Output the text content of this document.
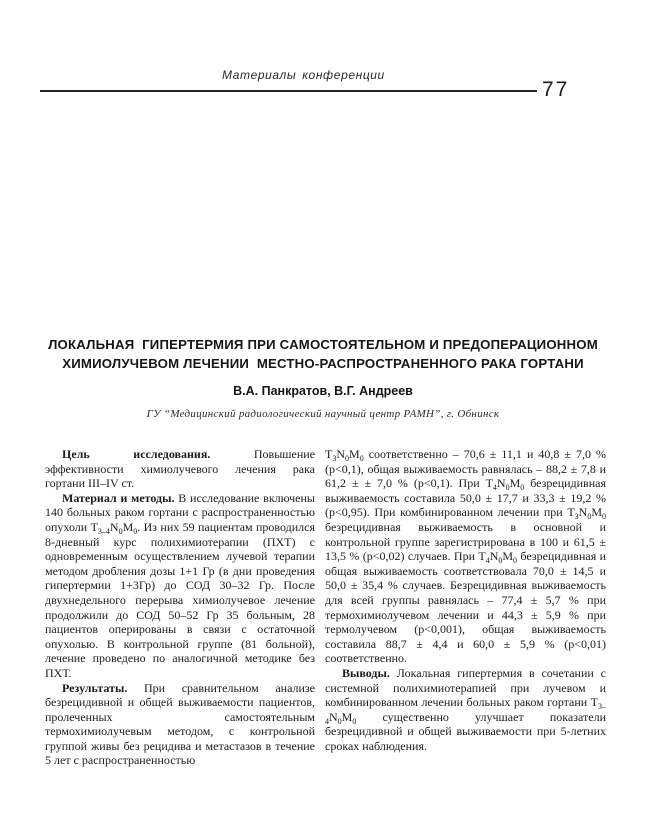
Материалы конференции
77
ЛОКАЛЬНАЯ  ГИПЕРТЕРМИЯ ПРИ САМОСТОЯТЕЛЬНОМ И ПРЕДОПЕРАЦИОННОМ
ХИМИОЛУЧЕВОМ ЛЕЧЕНИИ  МЕСТНО-РАСПРОСТРАНЕННОГО РАКА ГОРТАНИ
В.А. Панкратов, В.Г. Андреев
ГУ “Медицинский радиологический научный центр РАМН”, г. Обнинск

Цель исследования. Повышение эффективности химиолучевого лечения рака гортани III–IV ст.

Материал и методы. В исследование включены 140 больных раком гортани с распространенностью опухоли $Т_{3-4}N_0M_0$. Из них 59 пациентам проводился 8-дневный курс полихимиотерапии (ПХТ) с одновременным осуществлением лучевой терапии методом дробления дозы 1+1 Гр (в дни проведения гипертермии 1+3Гр) до СОД 30–32 Гр. После двухнедельного перерыва химиолучевое лечение продолжили до СОД 50–52 Гр 35 больным, 28 пациентов оперированы в связи с остаточной опухолью. В контрольной группе (81 больной), лечение проведено по аналогичной методике без ПХТ.

Результаты. При сравнительном анализе безрецидивной и общей выживаемости пациентов, пролеченных самостоятельным термохимиолучевым методом, с контрольной группой живы без рецидива и метастазов в течение 5 лет с распространенностью

$Т_3N_0M_0$ соответственно – 70,6 ± 11,1 и 40,8 ± 7,0 % (р<0,1), общая выживаемость равнялась – 88,2 ± 7,8 и 61,2 ± ± 7,0 % (р<0,1). При $Т_4N_0M_0$ безрецидивная выживаемость составила 50,0 ± 17,7 и 33,3 ± 19,2 % (р<0,95). При комбинированном лечении при $Т_3N_0M_0$ безрецидивная выживаемость в основной и контрольной группе зарегистрирована в 100 и 61,5 ± 13,5 % (р<0,02) случаев. При $Т_4N_0M_0$ безрецидивная и общая выживаемость соответствовала 70,0 ± 14,5 и 50,0 ± 35,4 % случаев. Безрецидивная выживаемость для всей группы равнялась – 77,4 ± 5,7 % при термохимиолучевом лечении и 44,3 ± 5,9 % при термолучевом (р<0,001), общая выживаемость составила 88,7 ± 4,4 и 60,0 ± 5,9 % (р<0,01) соответственно.

Выводы. Локальная гипертермия в сочетании с системной полихимиотерапией при лучевом и комбинированном лечении больных раком гортани $Т_{3-4}N_0M_0$ существенно улучшает показатели безрецидивной и общей выживаемости при 5-летних сроках наблюдения.
